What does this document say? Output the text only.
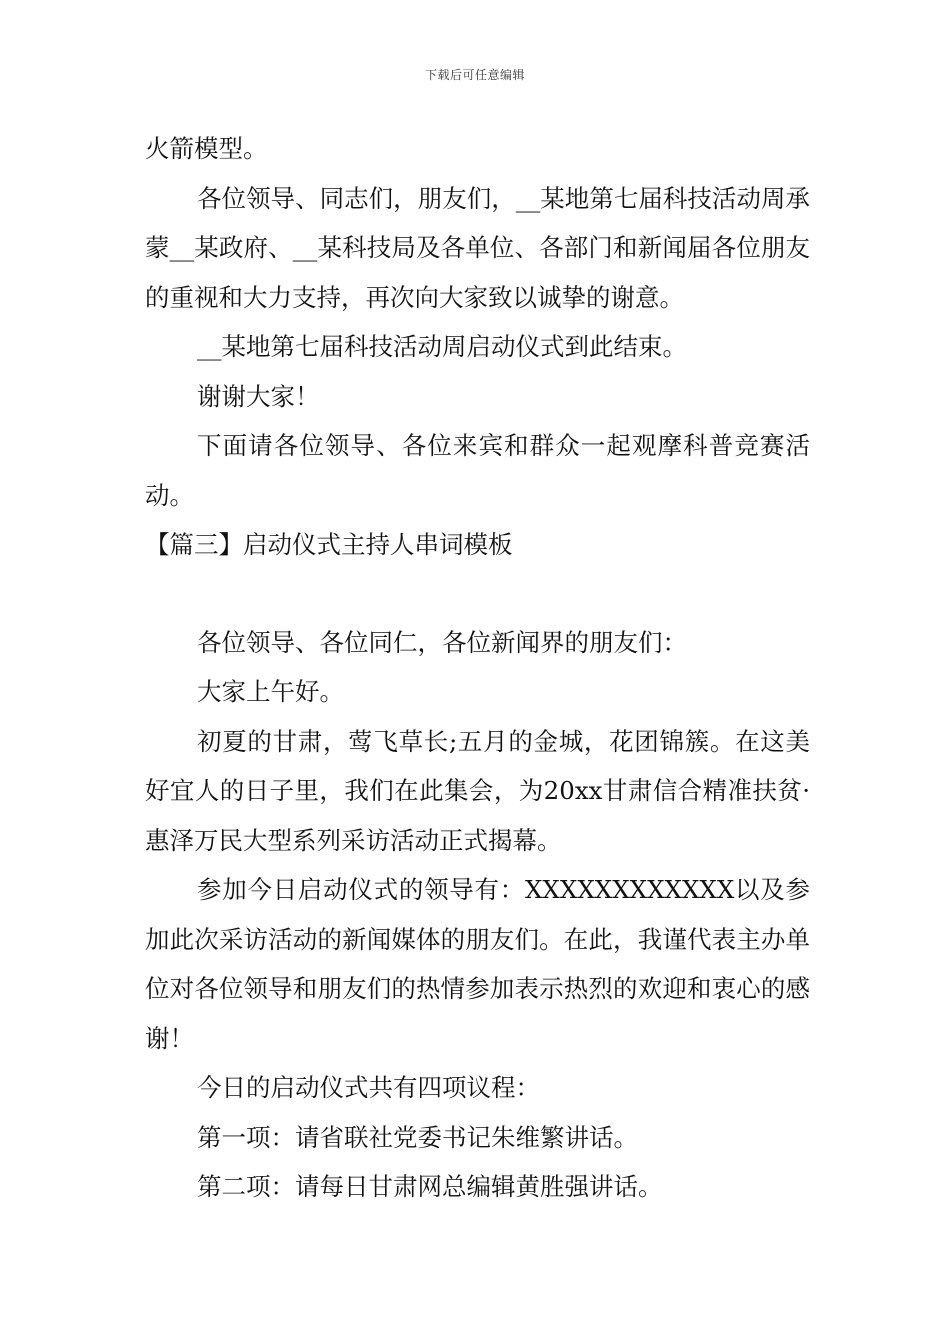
下载后可任意编辑

火箭模型。

各位领导、同志们，朋友们，__某地第七届科技活动周承蒙__某政府、__某科技局及各单位、各部门和新闻届各位朋友的重视和大力支持，再次向大家致以诚挚的谢意。

__某地第七届科技活动周启动仪式到此结束。

谢谢大家！

下面请各位领导、各位来宾和群众一起观摩科普竞赛活动。

【篇三】启动仪式主持人串词模板

各位领导、各位同仁，各位新闻界的朋友们：

大家上午好。

初夏的甘肃，莺飞草长;五月的金城，花团锦簇。在这美好宜人的日子里，我们在此集会，为20xx甘肃信合精准扶贫·惠泽万民大型系列采访活动正式揭幕。

参加今日启动仪式的领导有：XXXXXXXXXXXX以及参加此次采访活动的新闻媒体的朋友们。在此，我谨代表主办单位对各位领导和朋友们的热情参加表示热烈的欢迎和衷心的感谢！

今日的启动仪式共有四项议程：

第一项：请省联社党委书记朱维繁讲话。

第二项：请每日甘肃网总编辑黄胜强讲话。
